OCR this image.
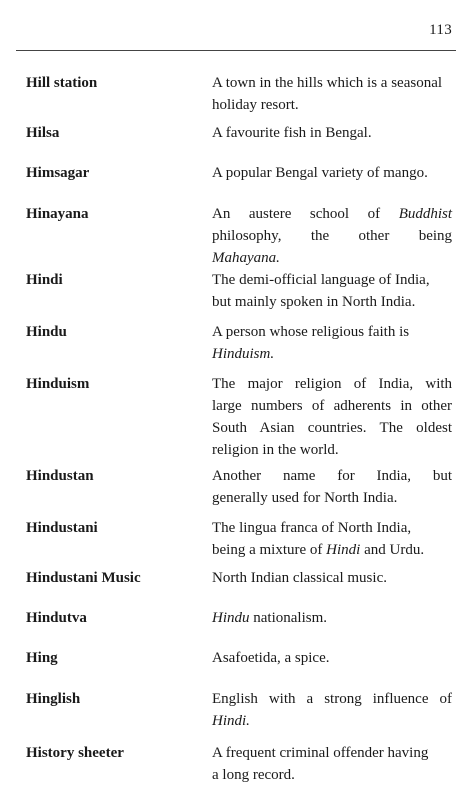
113
Hill station	A town in the hills which is a seasonal
holiday resort.
Hilsa	A favourite fish in Bengal.
Himsagar	A popular Bengal variety of mango.
Hinayana	An austere school of Buddhist
philosophy, the other being
Mahayana.
Hindi	The demi-official language of India,
but mainly spoken in North India.
Hindu	A person whose religious faith is
Hinduism.
Hinduism	The major religion of India, with
large numbers of adherents in other
South Asian countries. The oldest
religion in the world.
Hindustan	Another name for India, but
generally used for North India.
Hindustani	The lingua franca of North India,
being a mixture of Hindi and Urdu.
Hindustani Music	North Indian classical music.
Hindutva	Hindu nationalism.
Hing	Asafoetida, a spice.
Hinglish	English with a strong influence of
Hindi.
History sheeter	A frequent criminal offender having
a long record.
